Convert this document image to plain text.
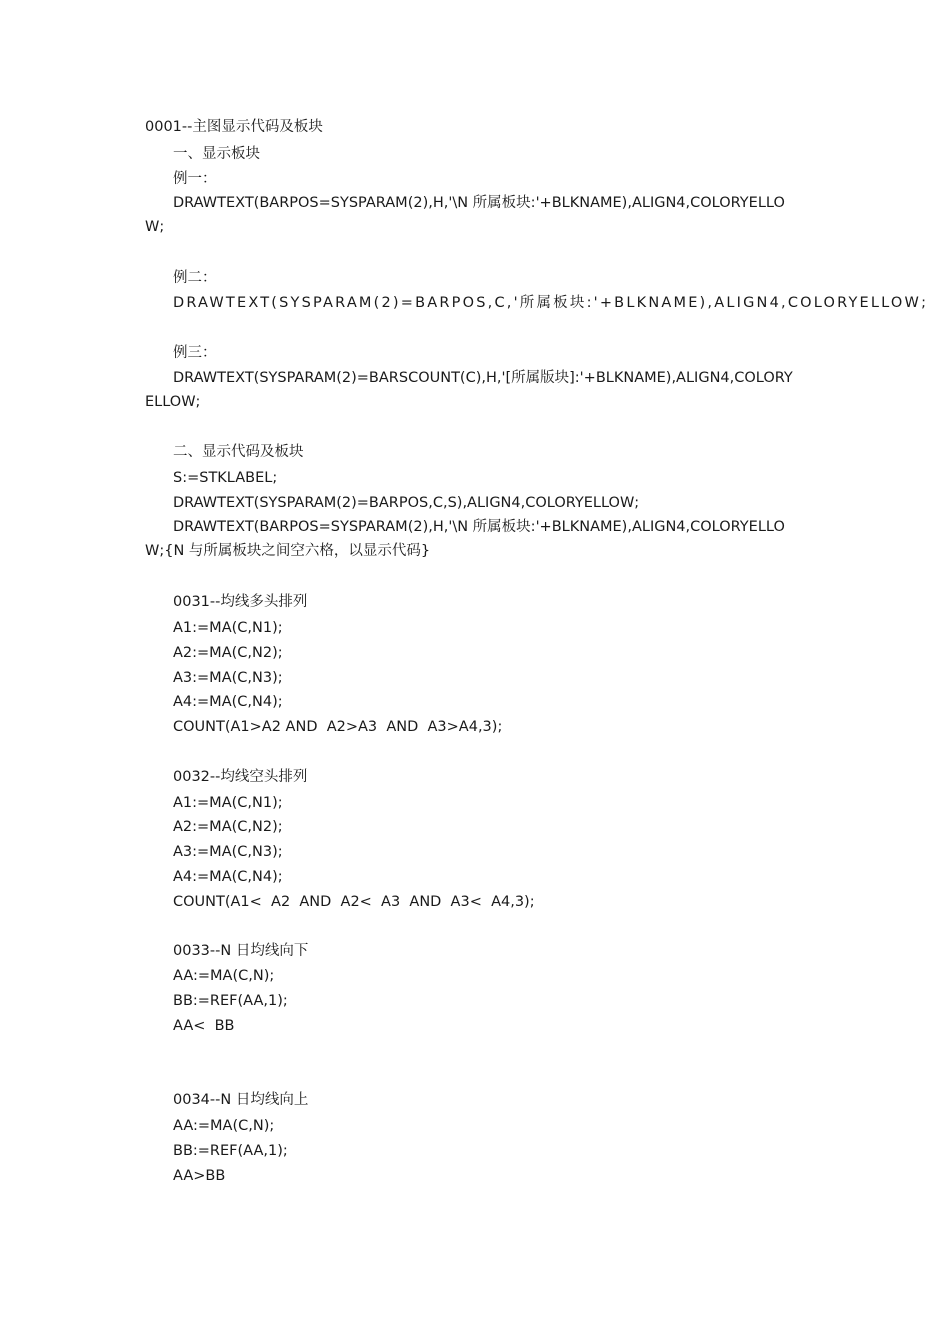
0001--主图显示代码及板块
一、显示板块
例一：
DRAWTEXT(BARPOS=SYSPARAM(2),H,'\N 所属板块:'+BLKNAME),ALIGN4,COLORYELLO
W;
例二：
DRAWTEXT(SYSPARAM(2)=BARPOS,C,'所属板块:'+BLKNAME),ALIGN4,COLORYELLOW;
例三：
DRAWTEXT(SYSPARAM(2)=BARSCOUNT(C),H,'[所属版块]:'+BLKNAME),ALIGN4,COLORY
ELLOW;
二、显示代码及板块
S:=STKLABEL;
DRAWTEXT(SYSPARAM(2)=BARPOS,C,S),ALIGN4,COLORYELLOW;
DRAWTEXT(BARPOS=SYSPARAM(2),H,'\N 所属板块:'+BLKNAME),ALIGN4,COLORYELLO
W;{N 与所属板块之间空六格，以显示代码}
0031--均线多头排列
A1:=MA(C,N1);
A2:=MA(C,N2);
A3:=MA(C,N3);
A4:=MA(C,N4);
COUNT(A1>A2 AND  A2>A3  AND  A3>A4,3);
0032--均线空头排列
A1:=MA(C,N1);
A2:=MA(C,N2);
A3:=MA(C,N3);
A4:=MA(C,N4);
COUNT(A1<  A2  AND  A2<  A3  AND  A3<  A4,3);
0033--N 日均线向下
AA:=MA(C,N);
BB:=REF(AA,1);
AA<  BB
0034--N 日均线向上
AA:=MA(C,N);
BB:=REF(AA,1);
AA>BB
